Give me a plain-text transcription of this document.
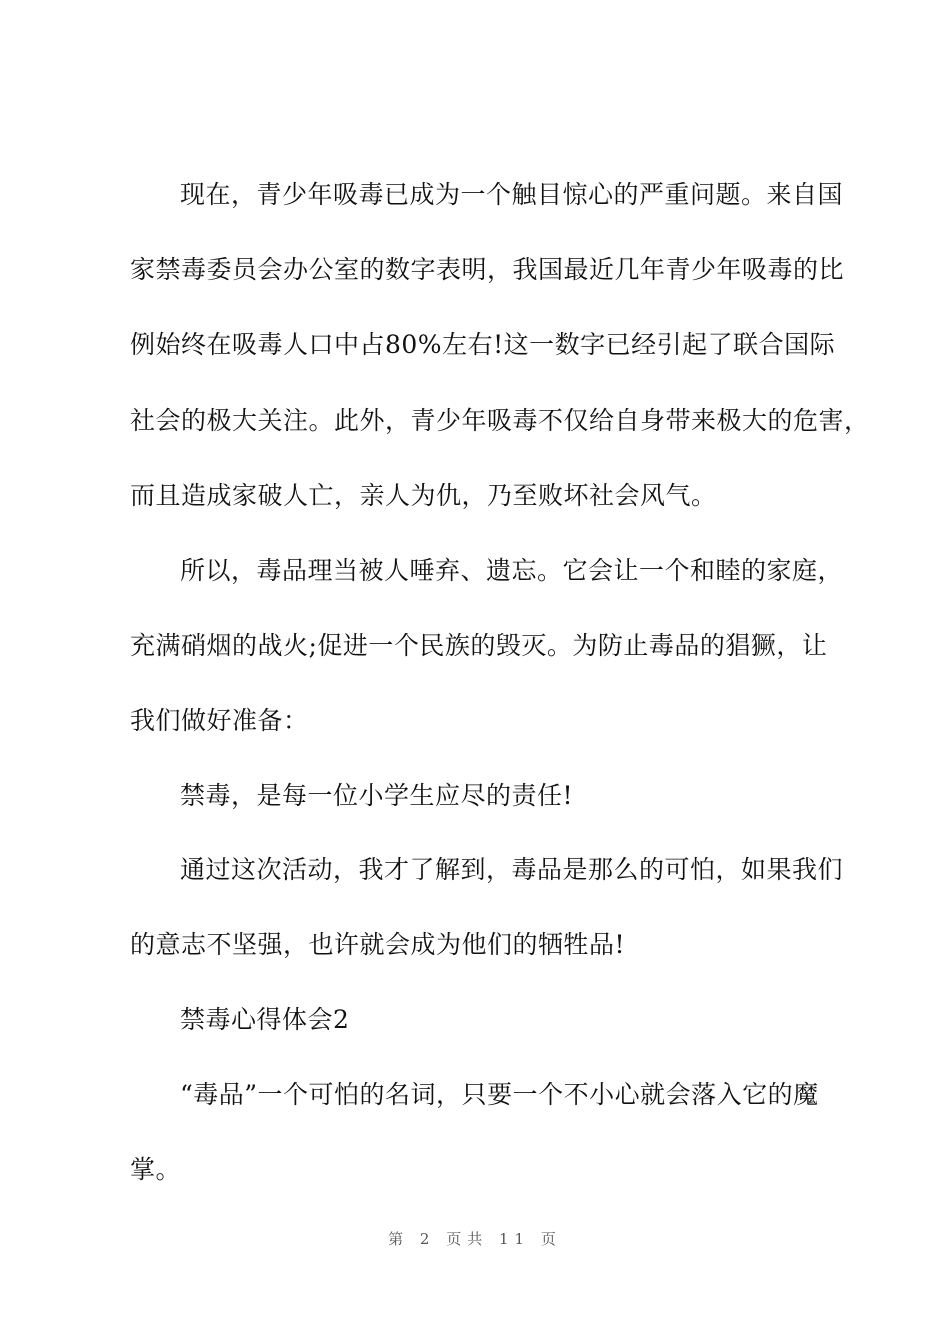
现在，青少年吸毒已成为一个触目惊心的严重问题。来自国
家禁毒委员会办公室的数字表明，我国最近几年青少年吸毒的比
例始终在吸毒人口中占80%左右!这一数字已经引起了联合国际
社会的极大关注。此外，青少年吸毒不仅给自身带来极大的危害，
而且造成家破人亡，亲人为仇，乃至败坏社会风气。
所以，毒品理当被人唾弃、遗忘。它会让一个和睦的家庭，
充满硝烟的战火;促进一个民族的毁灭。为防止毒品的猖獗，让
我们做好准备：
禁毒，是每一位小学生应尽的责任!
通过这次活动，我才了解到，毒品是那么的可怕，如果我们
的意志不坚强，也许就会成为他们的牺牲品!
禁毒心得体会2
“毒品”一个可怕的名词，只要一个不小心就会落入它的魔
掌。
第 2 页共 11 页
